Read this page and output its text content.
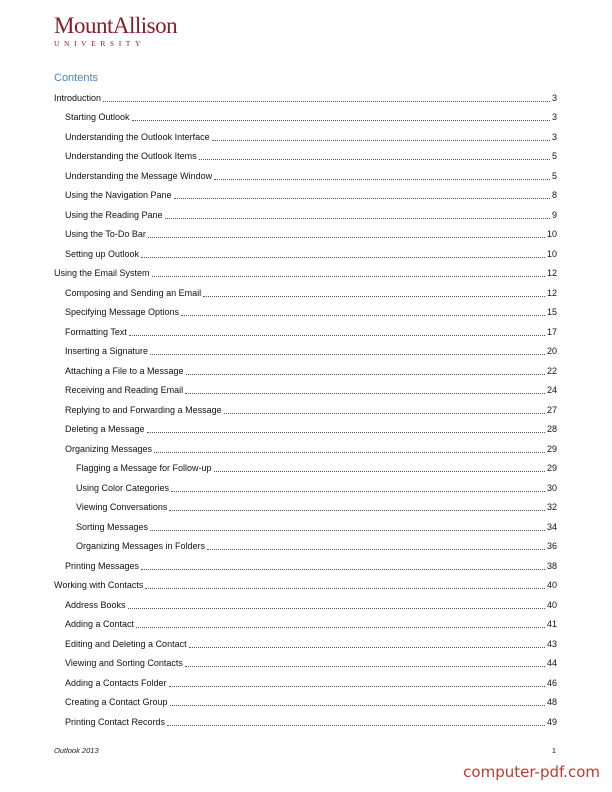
MountAllison
UNIVERSITY
Contents
Introduction	3
Starting Outlook	3
Understanding the Outlook Interface	3
Understanding the Outlook Items	5
Understanding the Message Window	5
Using the Navigation Pane	8
Using the Reading Pane	9
Using the To-Do Bar	10
Setting up Outlook	10
Using the Email System	12
Composing and Sending an Email	12
Specifying Message Options	15
Formatting Text	17
Inserting a Signature	20
Attaching a File to a Message	22
Receiving and Reading Email	24
Replying to and Forwarding a Message	27
Deleting a Message	28
Organizing Messages	29
Flagging a Message for Follow-up	29
Using Color Categories	30
Viewing Conversations	32
Sorting Messages	34
Organizing Messages in Folders	36
Printing Messages	38
Working with Contacts	40
Address Books	40
Adding a Contact	41
Editing and Deleting a Contact	43
Viewing and Sorting Contacts	44
Adding a Contacts Folder	46
Creating a Contact Group	48
Printing Contact Records	49
Outlook 2013	1
computer-pdf.com
